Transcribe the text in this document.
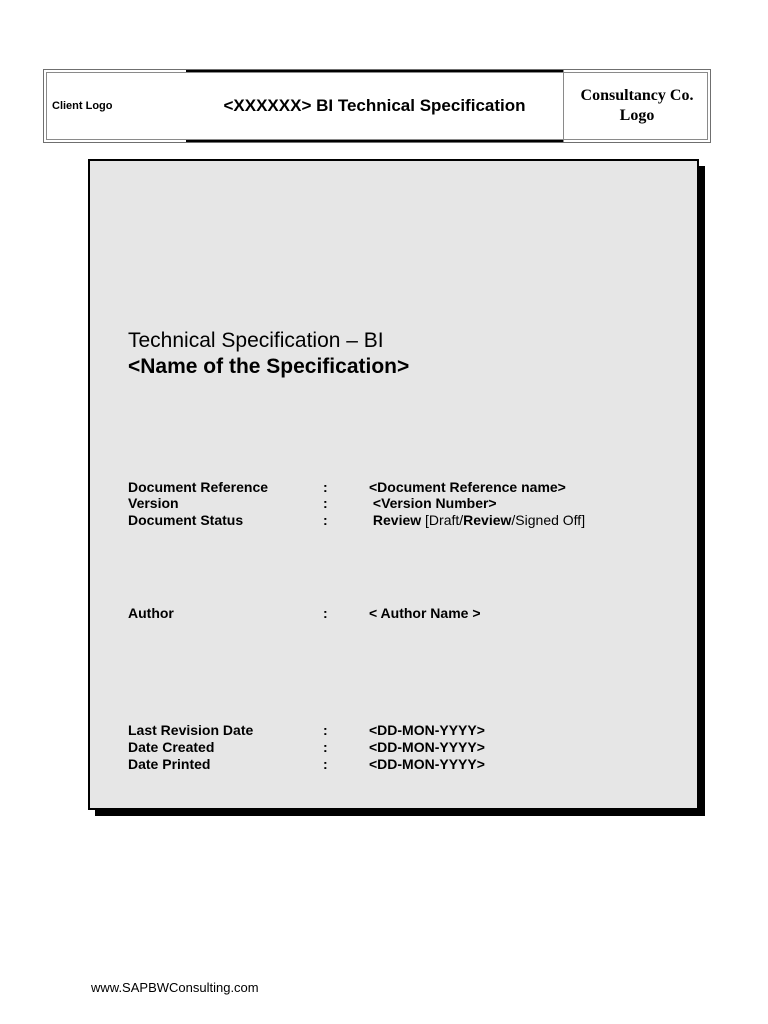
Client Logo	<XXXXXX> BI Technical Specification
Consultancy Co.
Logo
Technical Specification – BI
<Name of the Specification>
Document Reference	:	<Document Reference name>
Version	:	<Version Number>
Document Status	:	Review [Draft/Review/Signed Off]
Author	:	< Author Name >
Last Revision Date	:	<DD-MON-YYYY>
Date Created	:	<DD-MON-YYYY>
Date Printed	:	<DD-MON-YYYY>
www.SAPBWConsulting.com
